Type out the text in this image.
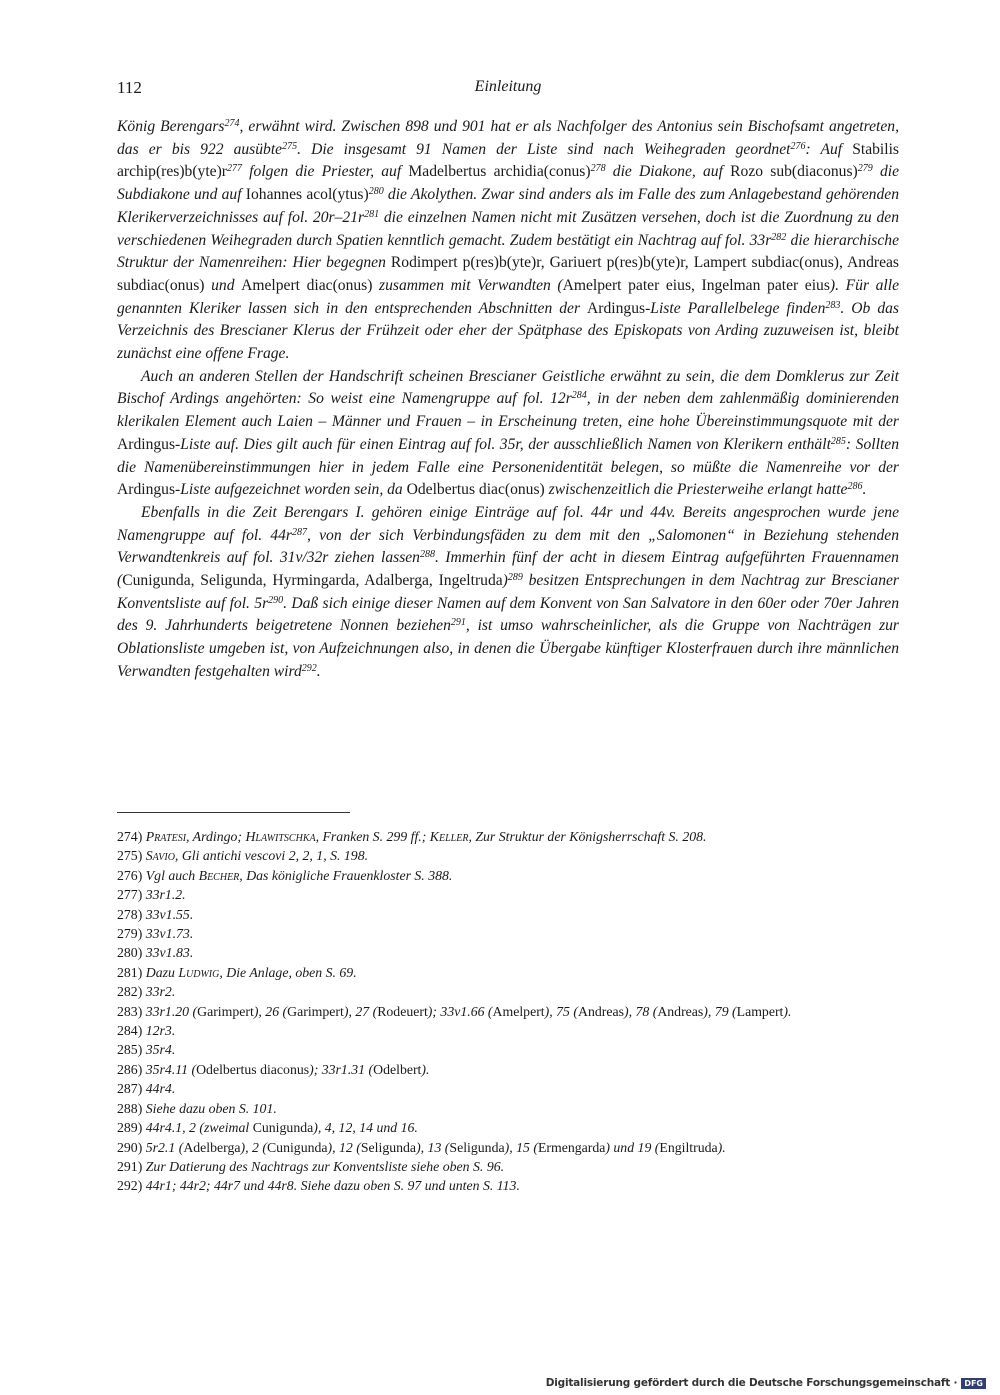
112	Einleitung

König Berengars$^{274}$, erwähnt wird. Zwischen 898 und 901 hat er als Nachfolger des Antonius sein Bischofsamt angetreten, das er bis 922 ausübte$^{275}$. Die insgesamt 91 Namen der Liste sind nach Weihegraden geordnet$^{276}$: Auf Stabilis $archip(res)b(yte)r^{277}$ folgen die Priester, auf Madelbertus archidia(conus)$^{278}$ die Diakone, auf Rozo sub(diaconus)$^{279}$ die Subdiakone und auf Iohannes acol(ytus)$^{280}$ die Akolythen. Zwar sind anders als im Falle des zum Anlagebestand gehörenden Klerikerverzeichnisses auf fol. $20r-21r^{281}$ die einzelnen Namen nicht mit Zusätzen versehen, doch ist die Zuordnung zu den verschiedenen Weihegraden durch Spatien kenntlich gemacht. Zudem bestätigt ein Nachtrag auf fol. $33r^{282}$ die hierarchische Struktur der Namenreihen: Hier begegnen Rodimpert p(res)b(yte)r, Gariuert p(res)b(yte)r, Lampert subdiac(onus), Andreas subdiac(onus) und Amelpert diac(onus) zusammen mit Verwandten (Amelpert pater eius, Ingelman pater eius). Für alle genannten Kleriker lassen sich in den entsprechenden Abschnitten der Ardingus-Liste Parallelbelege finden$^{283}$. Ob das Verzeichnis des Brescianer Klerus der Frühzeit oder eher der Spätphase des Episkopats von Arding zuzuweisen ist, bleibt zunächst eine offene Frage.

Auch an anderen Stellen der Handschrift scheinen Brescianer Geistliche erwähnt zu sein, die dem Domklerus zur Zeit Bischof Ardings angehörten: So weist eine Namengruppe auf fol. $12r^{284}$, in der neben dem zahlenmäßig dominierenden klerikalen Element auch Laien – Männer und Frauen – in Erscheinung treten, eine hohe Übereinstimmungsquote mit der Ardingus-Liste auf. Dies gilt auch für einen Eintrag auf fol. 35r, der ausschließlich Namen von Klerikern enthält$^{285}$: Sollten die Namenübereinstimmungen hier in jedem Falle eine Personenidentität belegen, so müßte die Namenreihe vor der Ardingus-Liste aufgezeichnet worden sein, da Odelbertus diac(onus) zwischenzeitlich die Priesterweihe erlangt hatte$^{286}$.

Ebenfalls in die Zeit Berengars I. gehören einige Einträge auf fol. 44r und 44v. Bereits angesprochen wurde jene Namengruppe auf fol. $44r^{287}$, von der sich Verbindungsfäden zu dem mit den „Salomonen“ in Beziehung stehenden Verwandtenkreis auf fol. 31v/32r ziehen lassen$^{288}$. Immerhin fünf der acht in diesem Eintrag aufgeführten Frauennamen (Cunigunda, Seligunda, Hyrmingarda, Adalberga, Ingeltruda)$^{289}$ besitzen Entsprechungen in dem Nachtrag zur Brescianer Konventsliste auf fol. $5r^{290}$. Daß sich einige dieser Namen auf dem Konvent von San Salvatore in den 60er oder 70er Jahren des 9. Jahrhunderts beigetretene Nonnen beziehen$^{291}$, ist umso wahrscheinlicher, als die Gruppe von Nachträgen zur Oblationsliste umgeben ist, von Aufzeichnungen also, in denen die Übergabe künftiger Klosterfrauen durch ihre männlichen Verwandten festgehalten wird$^{292}$.

274) Pratesi, Ardingo; Hlawitschka, Franken S. 299 ff.; Keller, Zur Struktur der Königsherrschaft S. 208.

275) Savio, Gli antichi vescovi 2, 2, 1, S. 198.

276) Vgl auch Becher, Das königliche Frauenkloster S. 388.

277) 33r1.2.

278) 33v1.55.

279) 33v1.73.

280) 33v1.83.

281) Dazu Ludwig, Die Anlage, oben S. 69.

282) 33r2.

283) 33r1.20 (Garimpert), 26 (Garimpert), 27 (Rodeuert); 33v1.66 (Amelpert), 75 (Andreas), 78 (Andreas), 79 (Lampert).

284) 12r3.

285) 35r4.

286) 35r4.11 (Odelbertus diaconus); 33r1.31 (Odelbert).

287) 44r4.

288) Siehe dazu oben S. 101.

289) 44r4.1, 2 (zweimal Cunigunda), 4, 12, 14 und 16.

290) 5r2.1 (Adelberga), 2 (Cunigunda), 12 (Seligunda), 13 (Seligunda), 15 (Ermengarda) und 19 (Engiltruda).

291) Zur Datierung des Nachtrags zur Konventsliste siehe oben S. 96.

292) 44r1; 44r2; 44r7 und 44r8. Siehe dazu oben S. 97 und unten S. 113.

Digitalisierung gefördert durch die Deutsche Forschungsgemeinschaft · DFG
